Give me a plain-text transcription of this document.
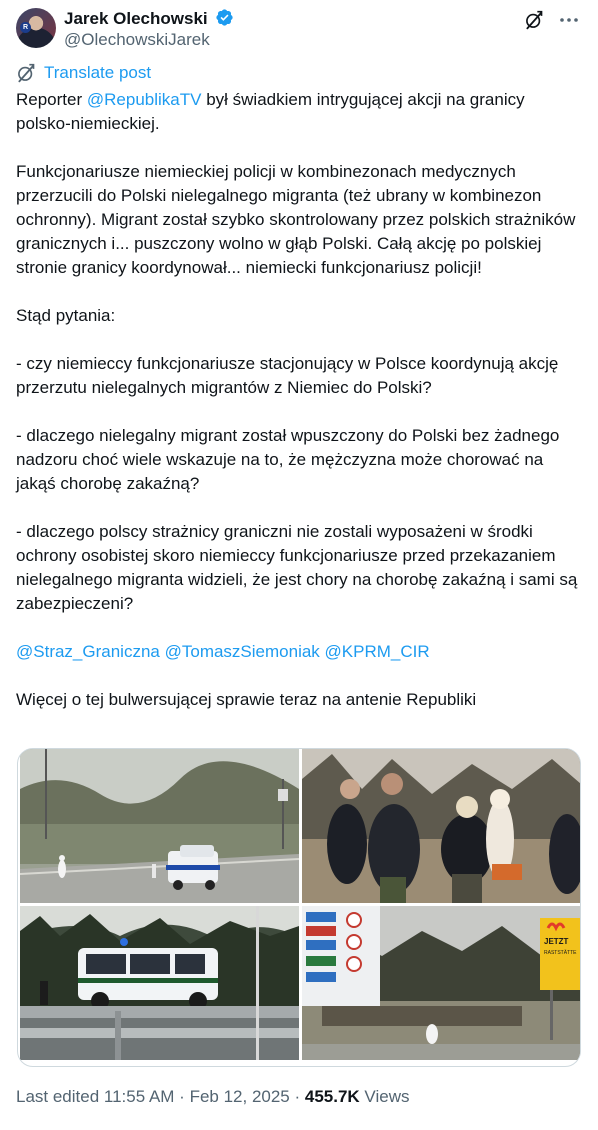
R Jarek Olechowski
@OlechowskiJarek
Translate post
Reporter @RepublikaTV był świadkiem intrygującej akcji na granicy polsko-niemieckiej.

Funkcjonariusze niemieckiej policji w kombinezonach medycznych przerzucili do Polski nielegalnego migranta (też ubrany w kombinezon ochronny). Migrant został szybko skontrolowany przez polskich strażników granicznych i... puszczony wolno w głąb Polski. Całą akcję po polskiej stronie granicy koordynował... niemiecki funkcjonariusz policji!

Stąd pytania:

- czy niemieccy funkcjonariusze stacjonujący w Polsce koordynują akcję przerzutu nielegalnych migrantów z Niemiec do Polski?

- dlaczego nielegalny migrant został wpuszczony do Polski bez żadnego nadzoru choć wiele wskazuje na to, że mężczyzna może chorować na jakąś chorobę zakaźną?

- dlaczego polscy strażnicy graniczni nie zostali wyposażeni w środki ochrony osobistej skoro niemieccy funkcjonariusze przed przekazaniem nielegalnego migranta widzieli, że jest chory na chorobę zakaźną i sami są zabezpieczeni?

@Straz_Graniczna @TomaszSiemoniak @KPRM_CIR

Więcej o tej bulwersującej sprawie teraz na antenie Republiki
JETZT
RASTSTÄTTE
Last edited 11:55 AM · Feb 12, 2025 · 455.7K Views
